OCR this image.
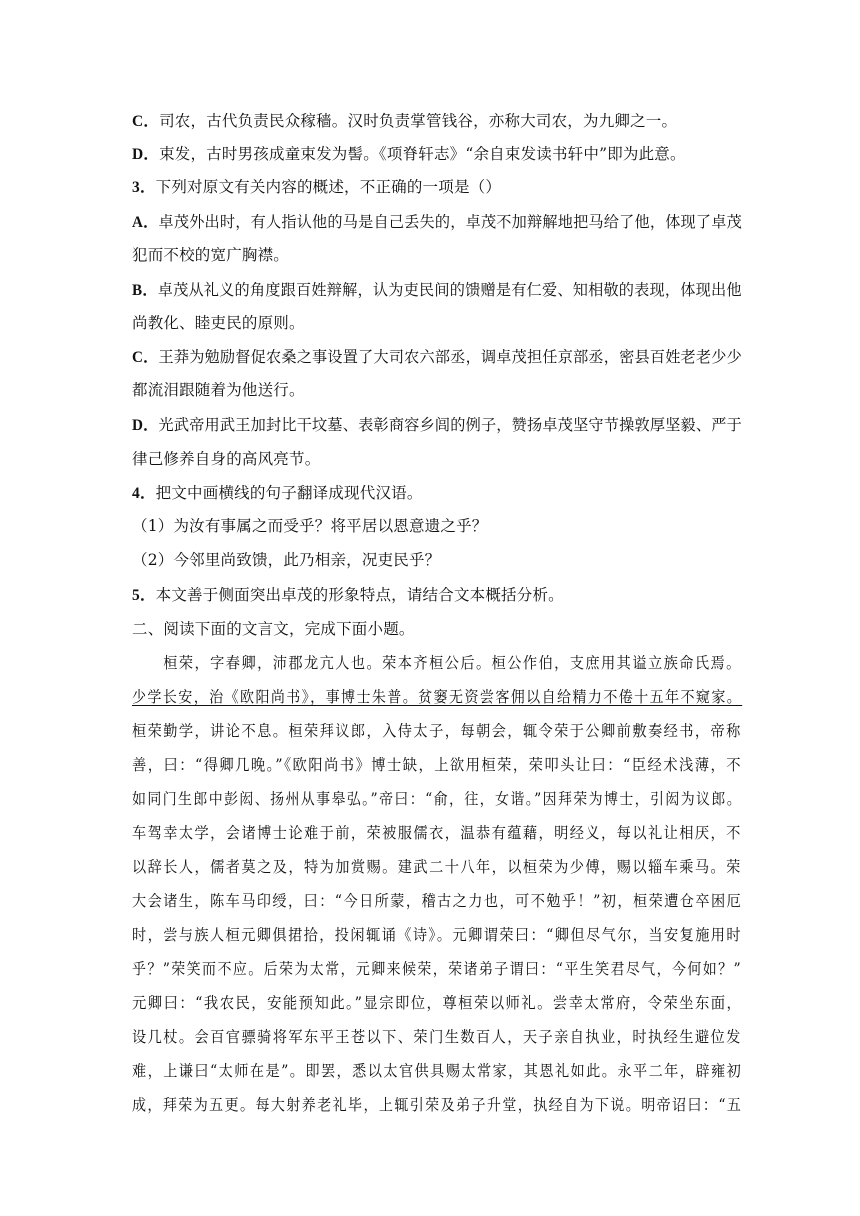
C．司农，古代负责民众稼穑。汉时负责掌管钱谷，亦称大司农，为九卿之一。
D．束发，古时男孩成童束发为髻。《项脊轩志》“余自束发读书轩中”即为此意。
3．下列对原文有关内容的概述，不正确的一项是（）
A．卓茂外出时，有人指认他的马是自己丢失的，卓茂不加辩解地把马给了他，体现了卓茂
犯而不校的宽广胸襟。
B．卓茂从礼义的角度跟百姓辩解，认为吏民间的馈赠是有仁爱、知相敬的表现，体现出他
尚教化、睦吏民的原则。
C．王莽为勉励督促农桑之事设置了大司农六部丞，调卓茂担任京部丞，密县百姓老老少少
都流泪跟随着为他送行。
D．光武帝用武王加封比干坟墓、表彰商容乡闾的例子，赞扬卓茂坚守节操敦厚坚毅、严于
律己修养自身的高风亮节。
4．把文中画横线的句子翻译成现代汉语。
（1）为汝有事属之而受乎？将平居以恩意遗之乎？
（2）今邻里尚致馈，此乃相亲，况吏民乎？
5．本文善于侧面突出卓茂的形象特点，请结合文本概括分析。
二、阅读下面的文言文，完成下面小题。
　　桓荣，字春卿，沛郡龙亢人也。荣本齐桓公后。桓公作伯，支庶用其谥立族命氏焉。
少学长安，治《欧阳尚书》，事博士朱普。贫窭无资尝客佣以自给精力不倦十五年不窥家。
桓荣勤学，讲论不息。桓荣拜议郎，入侍太子，每朝会，辄令荣于公卿前敷奏经书，帝称
善，曰：“得卿几晚。”《欧阳尚书》博士缺，上欲用桓荣，荣叩头让曰：“臣经术浅薄，不
如同门生郎中彭闳、扬州从事皋弘。”帝曰：“俞，往，女谐。”因拜荣为博士，引闳为议郎。
车驾幸太学，会诸博士论难于前，荣被服儒衣，温恭有蕴藉，明经义，每以礼让相厌，不
以辞长人，儒者莫之及，特为加赏赐。建武二十八年，以桓荣为少傅，赐以辎车乘马。荣
大会诸生，陈车马印绶，曰：“今日所蒙，稽古之力也，可不勉乎！”初，桓荣遭仓卒困厄
时，尝与族人桓元卿俱捃拾，投闲辄诵《诗》。元卿谓荣曰：“卿但尽气尔，当安复施用时
乎？”荣笑而不应。后荣为太常，元卿来候荣，荣诸弟子谓曰：“平生笑君尽气，今何如？”
元卿曰：“我农民，安能预知此。”显宗即位，尊桓荣以师礼。尝幸太常府，令荣坐东面，
设几杖。会百官骠骑将军东平王苍以下、荣门生数百人，天子亲自执业，时执经生避位发
难，上谦曰“太师在是”。即罢，悉以太官供具赐太常家，其恩礼如此。永平二年，辟雍初
成，拜荣为五更。每大射养老礼毕，上辄引荣及弟子升堂，执经自为下说。明帝诏曰：“五
